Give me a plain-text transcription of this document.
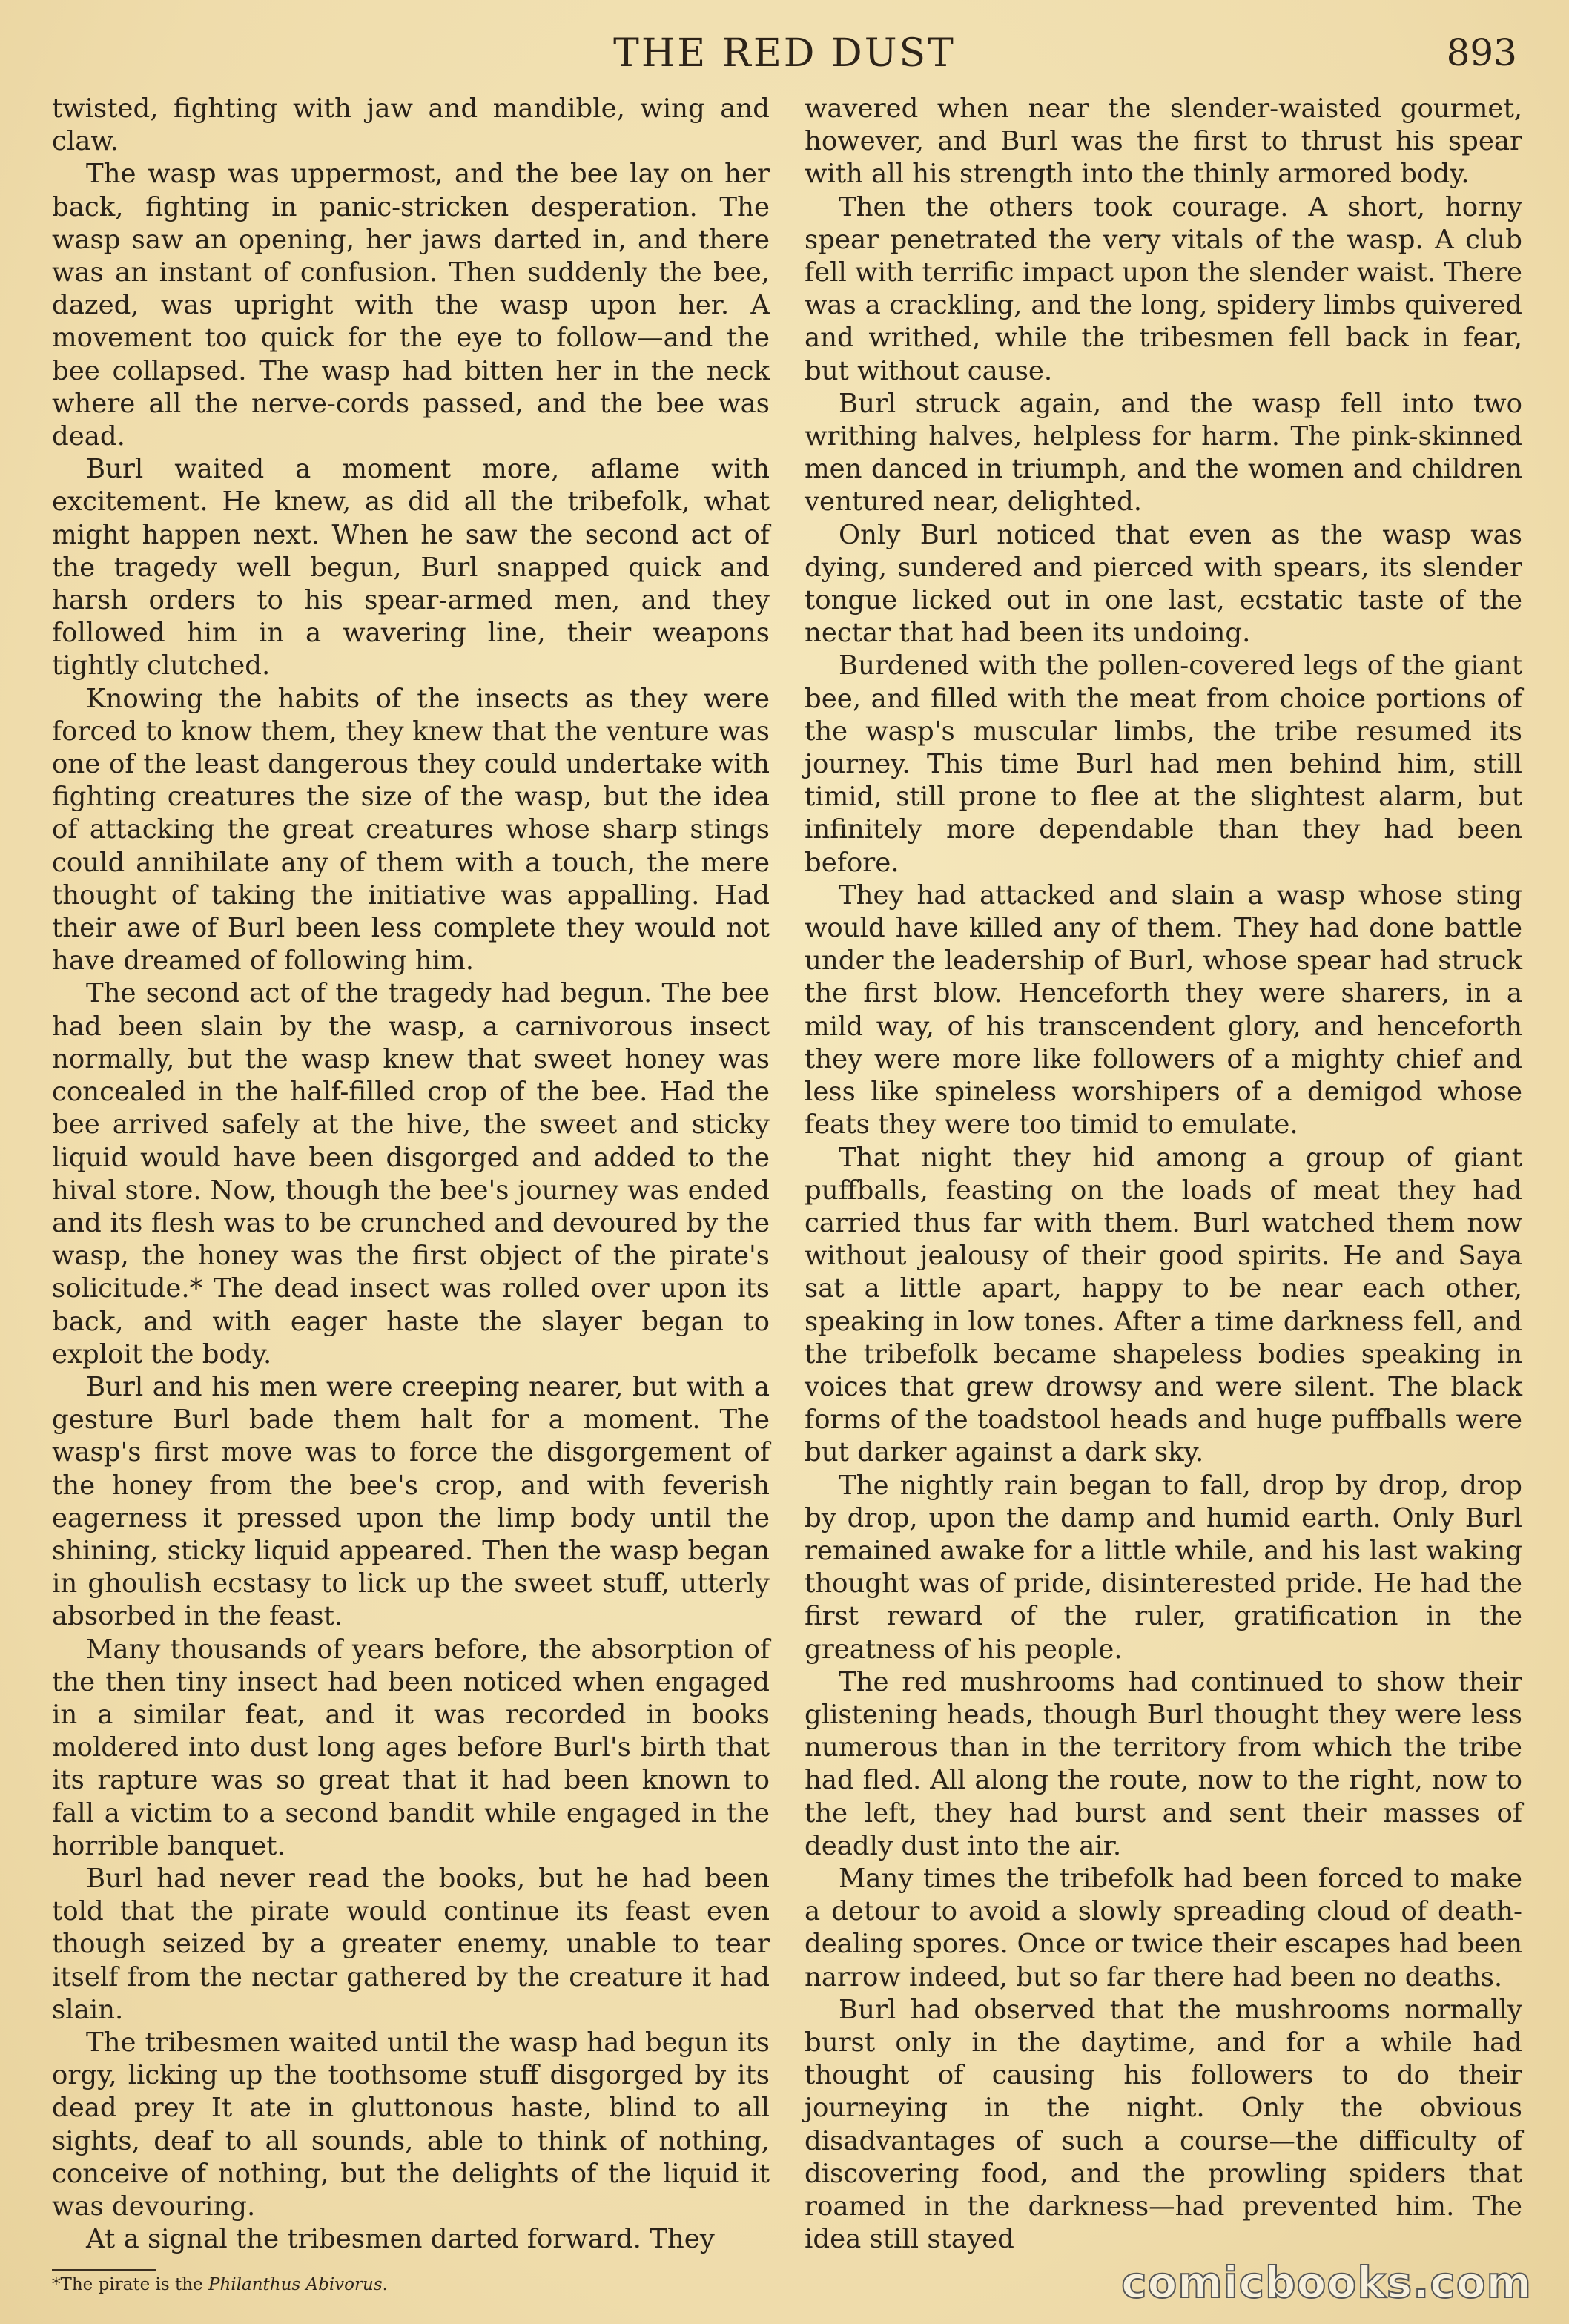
THE RED DUST	893

twisted, fighting with jaw and mandible, wing and claw.

The wasp was uppermost, and the bee lay on her back, fighting in panic-stricken desperation. The wasp saw an opening, her jaws darted in, and there was an instant of confusion. Then suddenly the bee, dazed, was upright with the wasp upon her. A movement too quick for the eye to follow—and the bee collapsed. The wasp had bitten her in the neck where all the nerve-cords passed, and the bee was dead.

Burl waited a moment more, aflame with excitement. He knew, as did all the tribefolk, what might happen next. When he saw the second act of the tragedy well begun, Burl snapped quick and harsh orders to his spear-armed men, and they followed him in a wavering line, their weapons tightly clutched.

Knowing the habits of the insects as they were forced to know them, they knew that the venture was one of the least dangerous they could undertake with fighting creatures the size of the wasp, but the idea of attacking the great creatures whose sharp stings could annihilate any of them with a touch, the mere thought of taking the initiative was appalling. Had their awe of Burl been less complete they would not have dreamed of following him.

The second act of the tragedy had begun. The bee had been slain by the wasp, a carnivorous insect normally, but the wasp knew that sweet honey was concealed in the half-filled crop of the bee. Had the bee arrived safely at the hive, the sweet and sticky liquid would have been disgorged and added to the hival store. Now, though the bee's journey was ended and its flesh was to be crunched and devoured by the wasp, the honey was the first object of the pirate's solicitude.* The dead insect was rolled over upon its back, and with eager haste the slayer began to exploit the body.

Burl and his men were creeping nearer, but with a gesture Burl bade them halt for a moment. The wasp's first move was to force the disgorgement of the honey from the bee's crop, and with feverish eagerness it pressed upon the limp body until the shining, sticky liquid appeared. Then the wasp began in ghoulish ecstasy to lick up the sweet stuff, utterly absorbed in the feast.

Many thousands of years before, the absorption of the then tiny insect had been noticed when engaged in a similar feat, and it was recorded in books moldered into dust long ages before Burl's birth that its rapture was so great that it had been known to fall a victim to a second bandit while engaged in the horrible banquet.

Burl had never read the books, but he had been told that the pirate would continue its feast even though seized by a greater enemy, unable to tear itself from the nectar gathered by the creature it had slain.

The tribesmen waited until the wasp had begun its orgy, licking up the toothsome stuff disgorged by its dead prey It ate in gluttonous haste, blind to all sights, deaf to all sounds, able to think of nothing, conceive of nothing, but the delights of the liquid it was devouring.

At a signal the tribesmen darted forward. They

wavered when near the slender-waisted gourmet, however, and Burl was the first to thrust his spear with all his strength into the thinly armored body.

Then the others took courage. A short, horny spear penetrated the very vitals of the wasp. A club fell with terrific impact upon the slender waist. There was a crackling, and the long, spidery limbs quivered and writhed, while the tribesmen fell back in fear, but without cause.

Burl struck again, and the wasp fell into two writhing halves, helpless for harm. The pink-skinned men danced in triumph, and the women and children ventured near, delighted.

Only Burl noticed that even as the wasp was dying, sundered and pierced with spears, its slender tongue licked out in one last, ecstatic taste of the nectar that had been its undoing.

Burdened with the pollen-covered legs of the giant bee, and filled with the meat from choice portions of the wasp's muscular limbs, the tribe resumed its journey. This time Burl had men behind him, still timid, still prone to flee at the slightest alarm, but infinitely more dependable than they had been before.

They had attacked and slain a wasp whose sting would have killed any of them. They had done battle under the leadership of Burl, whose spear had struck the first blow. Henceforth they were sharers, in a mild way, of his transcendent glory, and henceforth they were more like followers of a mighty chief and less like spineless worshipers of a demigod whose feats they were too timid to emulate.

That night they hid among a group of giant puffballs, feasting on the loads of meat they had carried thus far with them. Burl watched them now without jealousy of their good spirits. He and Saya sat a little apart, happy to be near each other, speaking in low tones. After a time darkness fell, and the tribefolk became shapeless bodies speaking in voices that grew drowsy and were silent. The black forms of the toadstool heads and huge puffballs were but darker against a dark sky.

The nightly rain began to fall, drop by drop, drop by drop, upon the damp and humid earth. Only Burl remained awake for a little while, and his last waking thought was of pride, disinterested pride. He had the first reward of the ruler, gratification in the greatness of his people.

The red mushrooms had continued to show their glistening heads, though Burl thought they were less numerous than in the territory from which the tribe had fled. All along the route, now to the right, now to the left, they had burst and sent their masses of deadly dust into the air.

Many times the tribefolk had been forced to make a detour to avoid a slowly spreading cloud of death-dealing spores. Once or twice their escapes had been narrow indeed, but so far there had been no deaths.

Burl had observed that the mushrooms normally burst only in the daytime, and for a while had thought of causing his followers to do their journeying in the night. Only the obvious disadvantages of such a course—the difficulty of discovering food, and the prowling spiders that roamed in the darkness—had prevented him. The idea still stayed

*The pirate is the Philanthus Abivorus.	comicbooks.com
